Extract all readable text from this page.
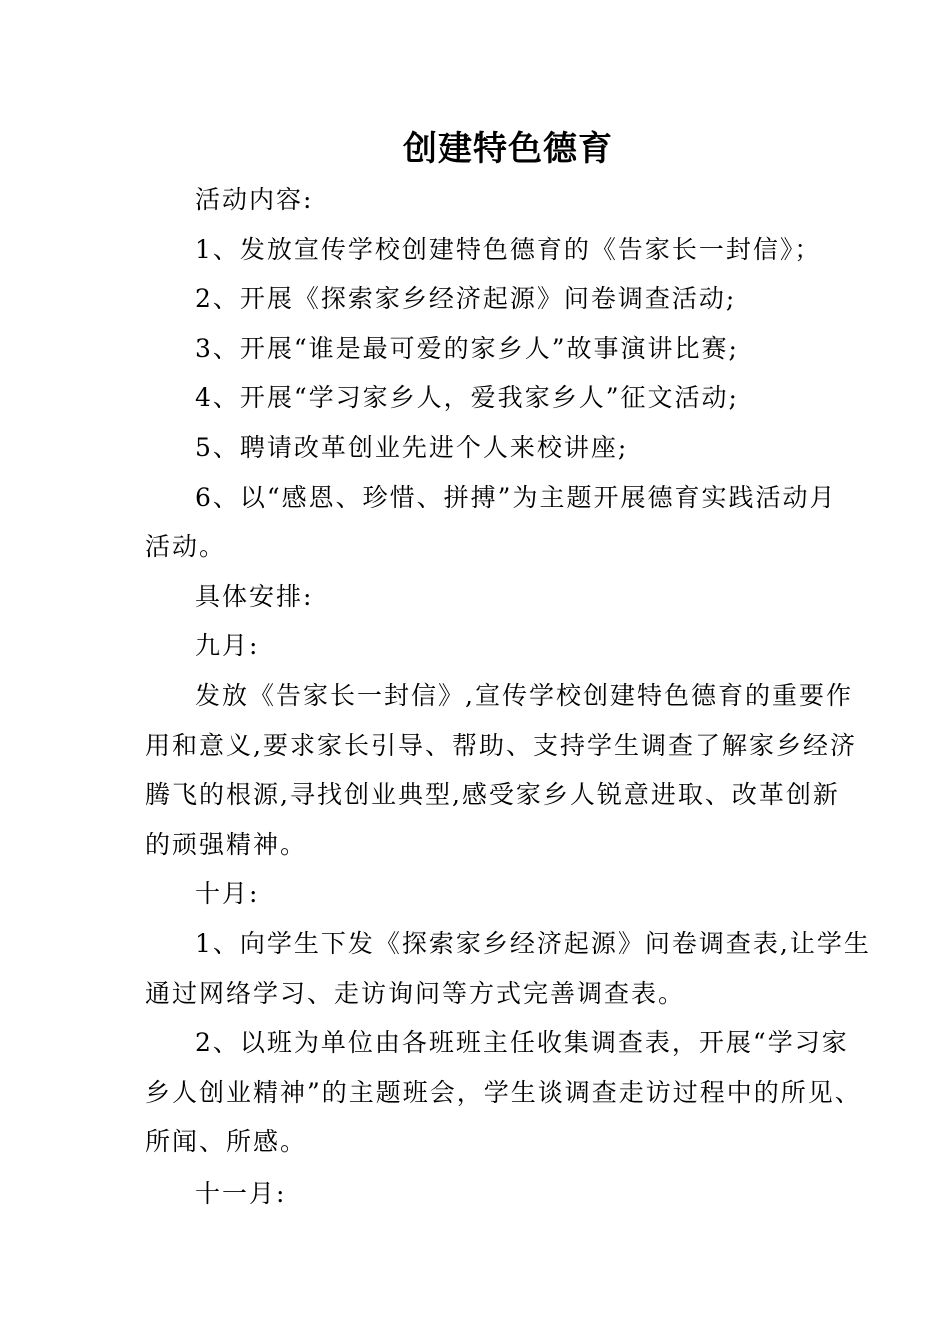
创建特色德育
活动内容:
1、发放宣传学校创建特色德育的《告家长一封信》；
2、开展《探索家乡经济起源》问卷调查活动;
3、开展“谁是最可爱的家乡人”故事演讲比赛;
4、开展“学习家乡人，爱我家乡人”征文活动;
5、聘请改革创业先进个人来校讲座;
6、以“感恩、珍惜、拼搏”为主题开展德育实践活动月
活动。
具体安排:
九月:
发放《告家长一封信》,宣传学校创建特色德育的重要作
用和意义,要求家长引导、帮助、支持学生调查了解家乡经济
腾飞的根源,寻找创业典型,感受家乡人锐意进取、改革创新
的顽强精神。
十月:
1、向学生下发《探索家乡经济起源》问卷调查表,让学生
通过网络学习、走访询问等方式完善调查表。
2、以班为单位由各班班主任收集调查表，开展“学习家
乡人创业精神”的主题班会，学生谈调查走访过程中的所见、
所闻、所感。
十一月:
